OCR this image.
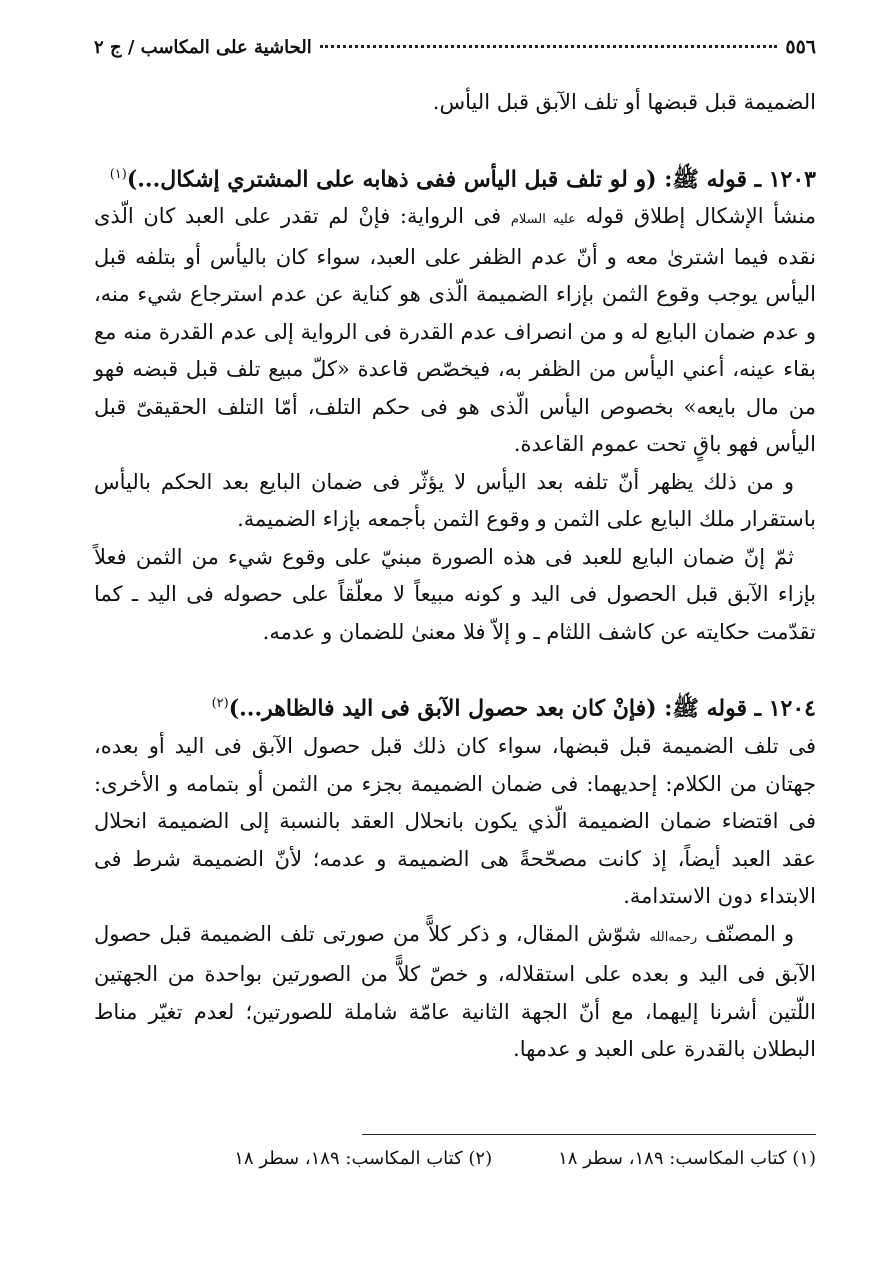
٥٥٦
الحاشية على المكاسب / ج ٢

الضميمة قبل قبضها أو تلف الآبق قبل اليأس.

١٢٠٣ ـ قوله ﷺ: (و لو تلف قبل اليأس ففى ذهابه على المشتري إشكال...)$^{(١)}$

منشأ الإشكال إطلاق قوله عليه السلام فى الرواية: فإنْ لم تقدر على العبد كان الّذى نقده فيما اشترىٰ معه و أنّ عدم الظفر على العبد، سواء كان باليأس أو بتلفه قبل اليأس يوجب وقوع الثمن بإزاء الضميمة الّذى هو كناية عن عدم استرجاع شيء منه، و عدم ضمان البايع له و من انصراف عدم القدرة فى الرواية إلى عدم القدرة منه مع بقاء عينه، أعني اليأس من الظفر به، فيخصّص قاعدة «كلّ مبيع تلف قبل قبضه فهو من مال بايعه» بخصوص اليأس الّذى هو فى حكم التلف، أمّا التلف الحقيقىّ قبل اليأس فهو باقٍ تحت عموم القاعدة.

و من ذلك يظهر أنّ تلفه بعد اليأس لا يؤثّر فى ضمان البايع بعد الحكم باليأس باستقرار ملك البايع على الثمن و وقوع الثمن بأجمعه بإزاء الضميمة.

ثمّ إنّ ضمان البايع للعبد فى هذه الصورة مبنيّ على وقوع شيء من الثمن فعلاً بإزاء الآبق قبل الحصول فى اليد و كونه مبيعاً لا معلّقاً على حصوله فى اليد ـ كما تقدّمت حكايته عن كاشف اللثام ـ و إلاّ فلا معنىٰ للضمان و عدمه.

١٢٠٤ ـ قوله ﷺ: (فإنْ كان بعد حصول الآبق فى اليد فالظاهر...)$^{(٢)}$

فى تلف الضميمة قبل قبضها، سواء كان ذلك قبل حصول الآبق فى اليد أو بعده، جهتان من الكلام: إحديهما: فى ضمان الضميمة بجزء من الثمن أو بتمامه و الأخرى: فى اقتضاء ضمان الضميمة الّذي يكون بانحلال العقد بالنسبة إلى الضميمة انحلال عقد العبد أيضاً، إذ كانت مصحّحةً هى الضميمة و عدمه؛ لأنّ الضميمة شرط فى الابتداء دون الاستدامة.

و المصنّف رحمه‌الله شوّش المقال، و ذكر كلاًّ من صورتى تلف الضميمة قبل حصول الآبق فى اليد و بعده على استقلاله، و خصّ كلاًّ من الصورتين بواحدة من الجهتين اللّتين أشرنا إليهما، مع أنّ الجهة الثانية عامّة شاملة للصورتين؛ لعدم تغيّر مناط البطلان بالقدرة على العبد و عدمها.

(١) كتاب المكاسب: ١٨٩، سطر ١٨
(٢) كتاب المكاسب: ١٨٩، سطر ١٨
